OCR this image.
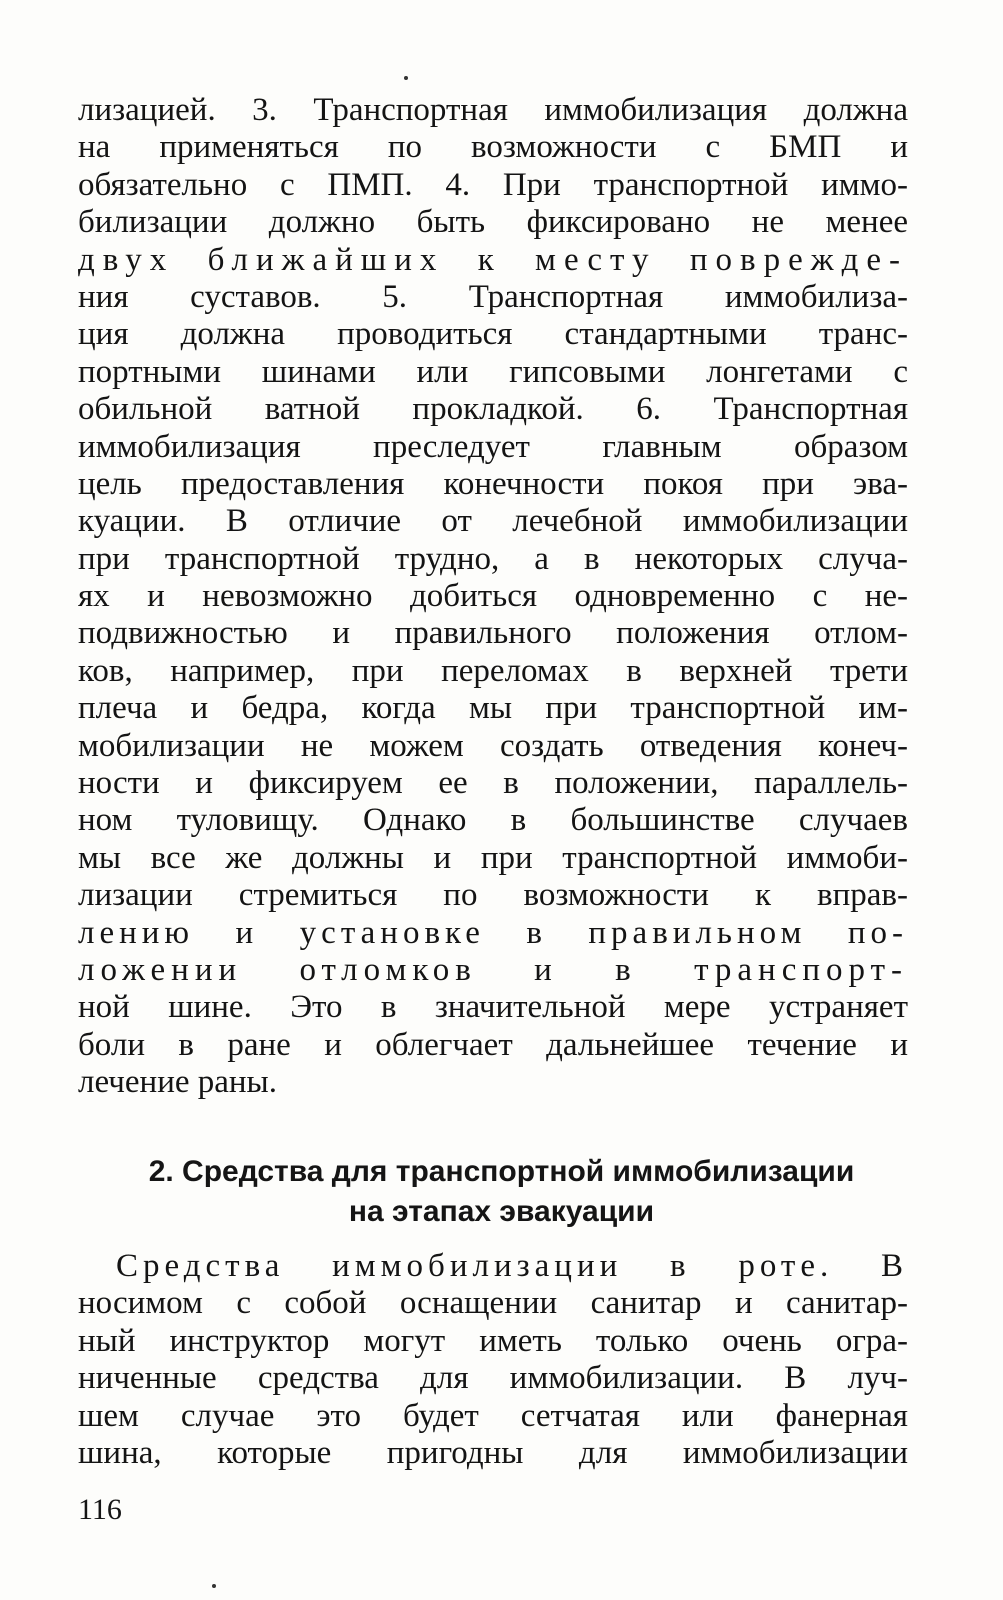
лизацией. 3. Транспортная иммобилизация должна
на применяться по возможности с БМП и
обязательно с ПМП. 4. При транспортной иммо-
билизации должно быть фиксировано не менее
двух ближайших к месту поврежде-
ния суставов. 5. Транспортная иммобилиза-
ция должна проводиться стандартными транс-
портными шинами или гипсовыми лонгетами с
обильной ватной прокладкой. 6. Транспортная
иммобилизация преследует главным образом
цель предоставления конечности покоя при эва-
куации. В отличие от лечебной иммобилизации
при транспортной трудно, а в некоторых случа-
ях и невозможно добиться одновременно с не-
подвижностью и правильного положения отлом-
ков, например, при переломах в верхней трети
плеча и бедра, когда мы при транспортной им-
мобилизации не можем создать отведения конеч-
ности и фиксируем ее в положении, параллель-
ном туловищу. Однако в большинстве случаев
мы все же должны и при транспортной иммоби-
лизации стремиться по возможности к вправ-
лению и установке в правильном по-
ложении отломков и в транспорт-
ной шине. Это в значительной мере устраняет
боли в ране и облегчает дальнейшее течение и
лечение раны.
2. Средства для транспортной иммобилизации
на этапах эвакуации
Средства иммобилизации в роте. В
носимом с собой оснащении санитар и санитар-
ный инструктор могут иметь только очень огра-
ниченные средства для иммобилизации. В луч-
шем случае это будет сетчатая или фанерная
шина, которые пригодны для иммобилизации
116
